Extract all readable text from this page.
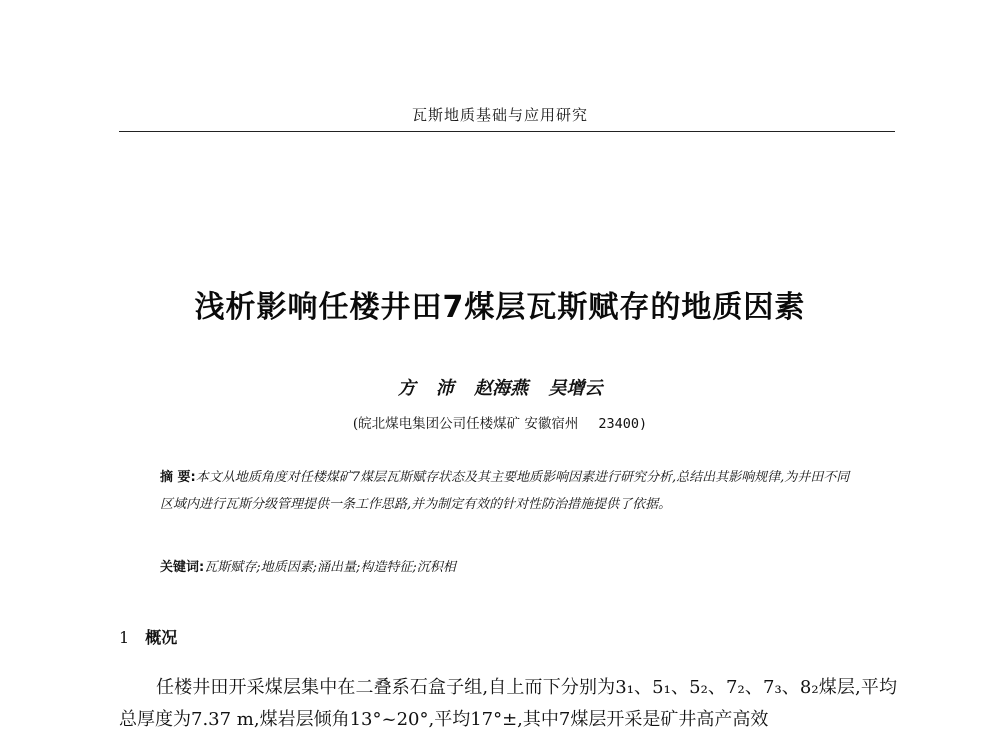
瓦斯地质基础与应用研究
浅析影响任楼井田7煤层瓦斯赋存的地质因素
方 沛 赵海燕 吴增云
(皖北煤电集团公司任楼煤矿 安徽宿州 23400)
摘 要:本文从地质角度对任楼煤矿7煤层瓦斯赋存状态及其主要地质影响因素进行研究分析,总结出其影响规律,为井田不同区域内进行瓦斯分级管理提供一条工作思路,并为制定有效的针对性防治措施提供了依据。
关键词:瓦斯赋存;地质因素;涌出量;构造特征;沉积相
1 概况
任楼井田开采煤层集中在二叠系石盒子组,自上而下分别为3₁、5₁、5₂、7₂、7₃、8₂煤层,平均总厚度为7.37 m,煤岩层倾角13°~20°,平均17°±,其中7煤层开采是矿井高产高效
